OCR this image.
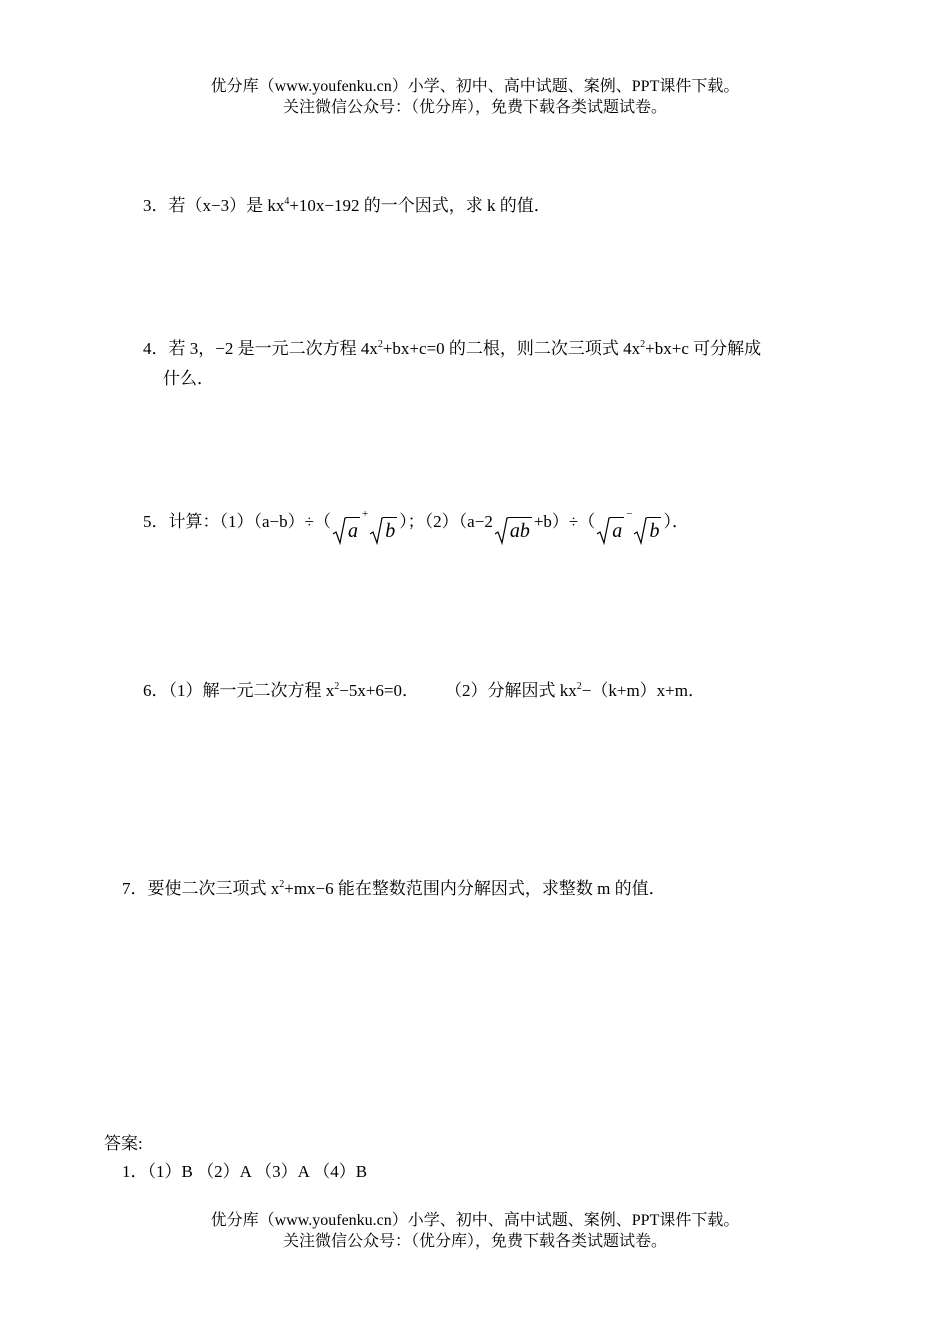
优分库（www.youfenku.cn）小学、初中、高中试题、案例、PPT课件下载。
关注微信公众号：（优分库），免费下载各类试题试卷。
3．若（x−3）是 $kx^4+10x-192$ 的一个因式，求 k 的值．
4．若 3，−2 是一元二次方程 $4x^2+bx+c=0$ 的二根，则二次三项式 $4x^2+bx+c$ 可分解成
什么．
5．计算：（1）（a−b）÷（ a+
b ）；（2）（a−2 ab +b）÷（ a−
b ）．
6．（1）解一元二次方程 $x^2-5x+6=0$． （2）分解因式 $kx^2-(k+m)x+m$．
7．要使二次三项式 $x^2+mx-6$ 能在整数范围内分解因式，求整数 m 的值．
答案:
1．（1）B （2）A （3）A （4）B
优分库（www.youfenku.cn）小学、初中、高中试题、案例、PPT课件下载。
关注微信公众号：（优分库），免费下载各类试题试卷。
